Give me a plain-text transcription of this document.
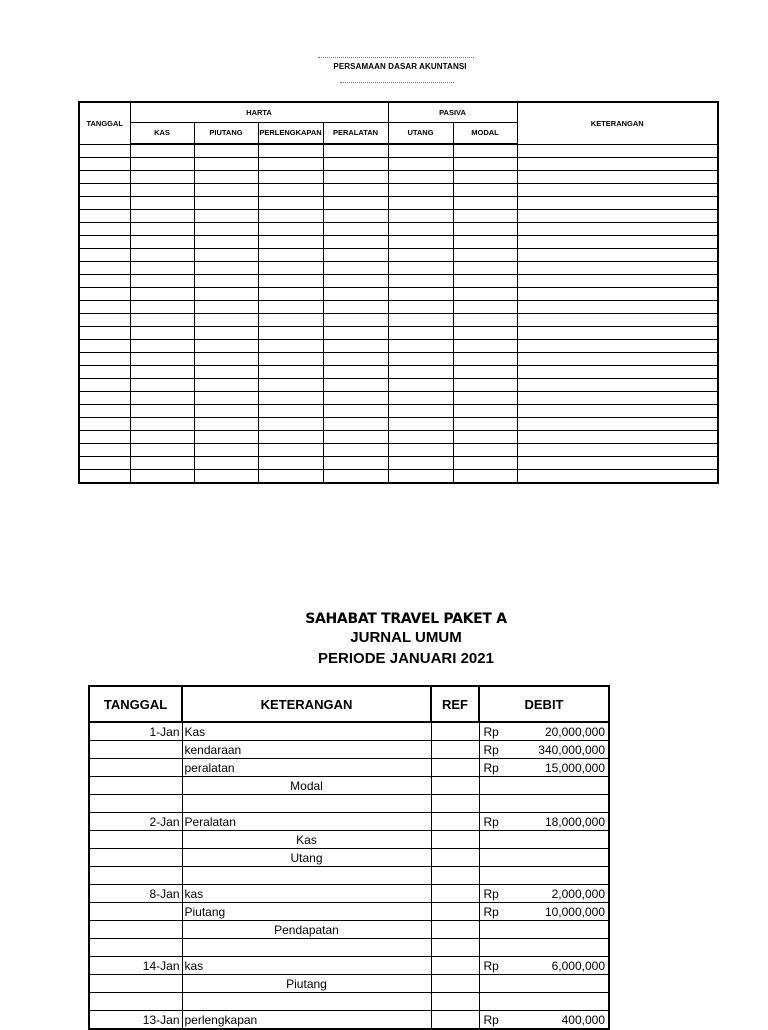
PERSAMAAN DASAR AKUNTANSI
TANGGAL	HARTA				PASIVA		KETERANGAN
	KAS	PIUTANG	PERLENGKAPAN	PERALATAN	UTANG	MODAL	

SAHABAT TRAVEL PAKET A
JURNAL UMUM
PERIODE JANUARI 2021
TANGGAL	KETERANGAN	REF	DEBIT
1-Jan	Kas		Rp 20,000,000

	kendaraan		Rp 340,000,000

	peralatan		Rp 15,000,000

	Modal		

2-Jan	Peralatan		Rp 18,000,000

	Kas		

	Utang		

8-Jan	kas		Rp 2,000,000

	Piutang		Rp 10,000,000

	Pendapatan		

14-Jan	kas		Rp 6,000,000

	Piutang		

13-Jan	perlengkapan		Rp 400,000
